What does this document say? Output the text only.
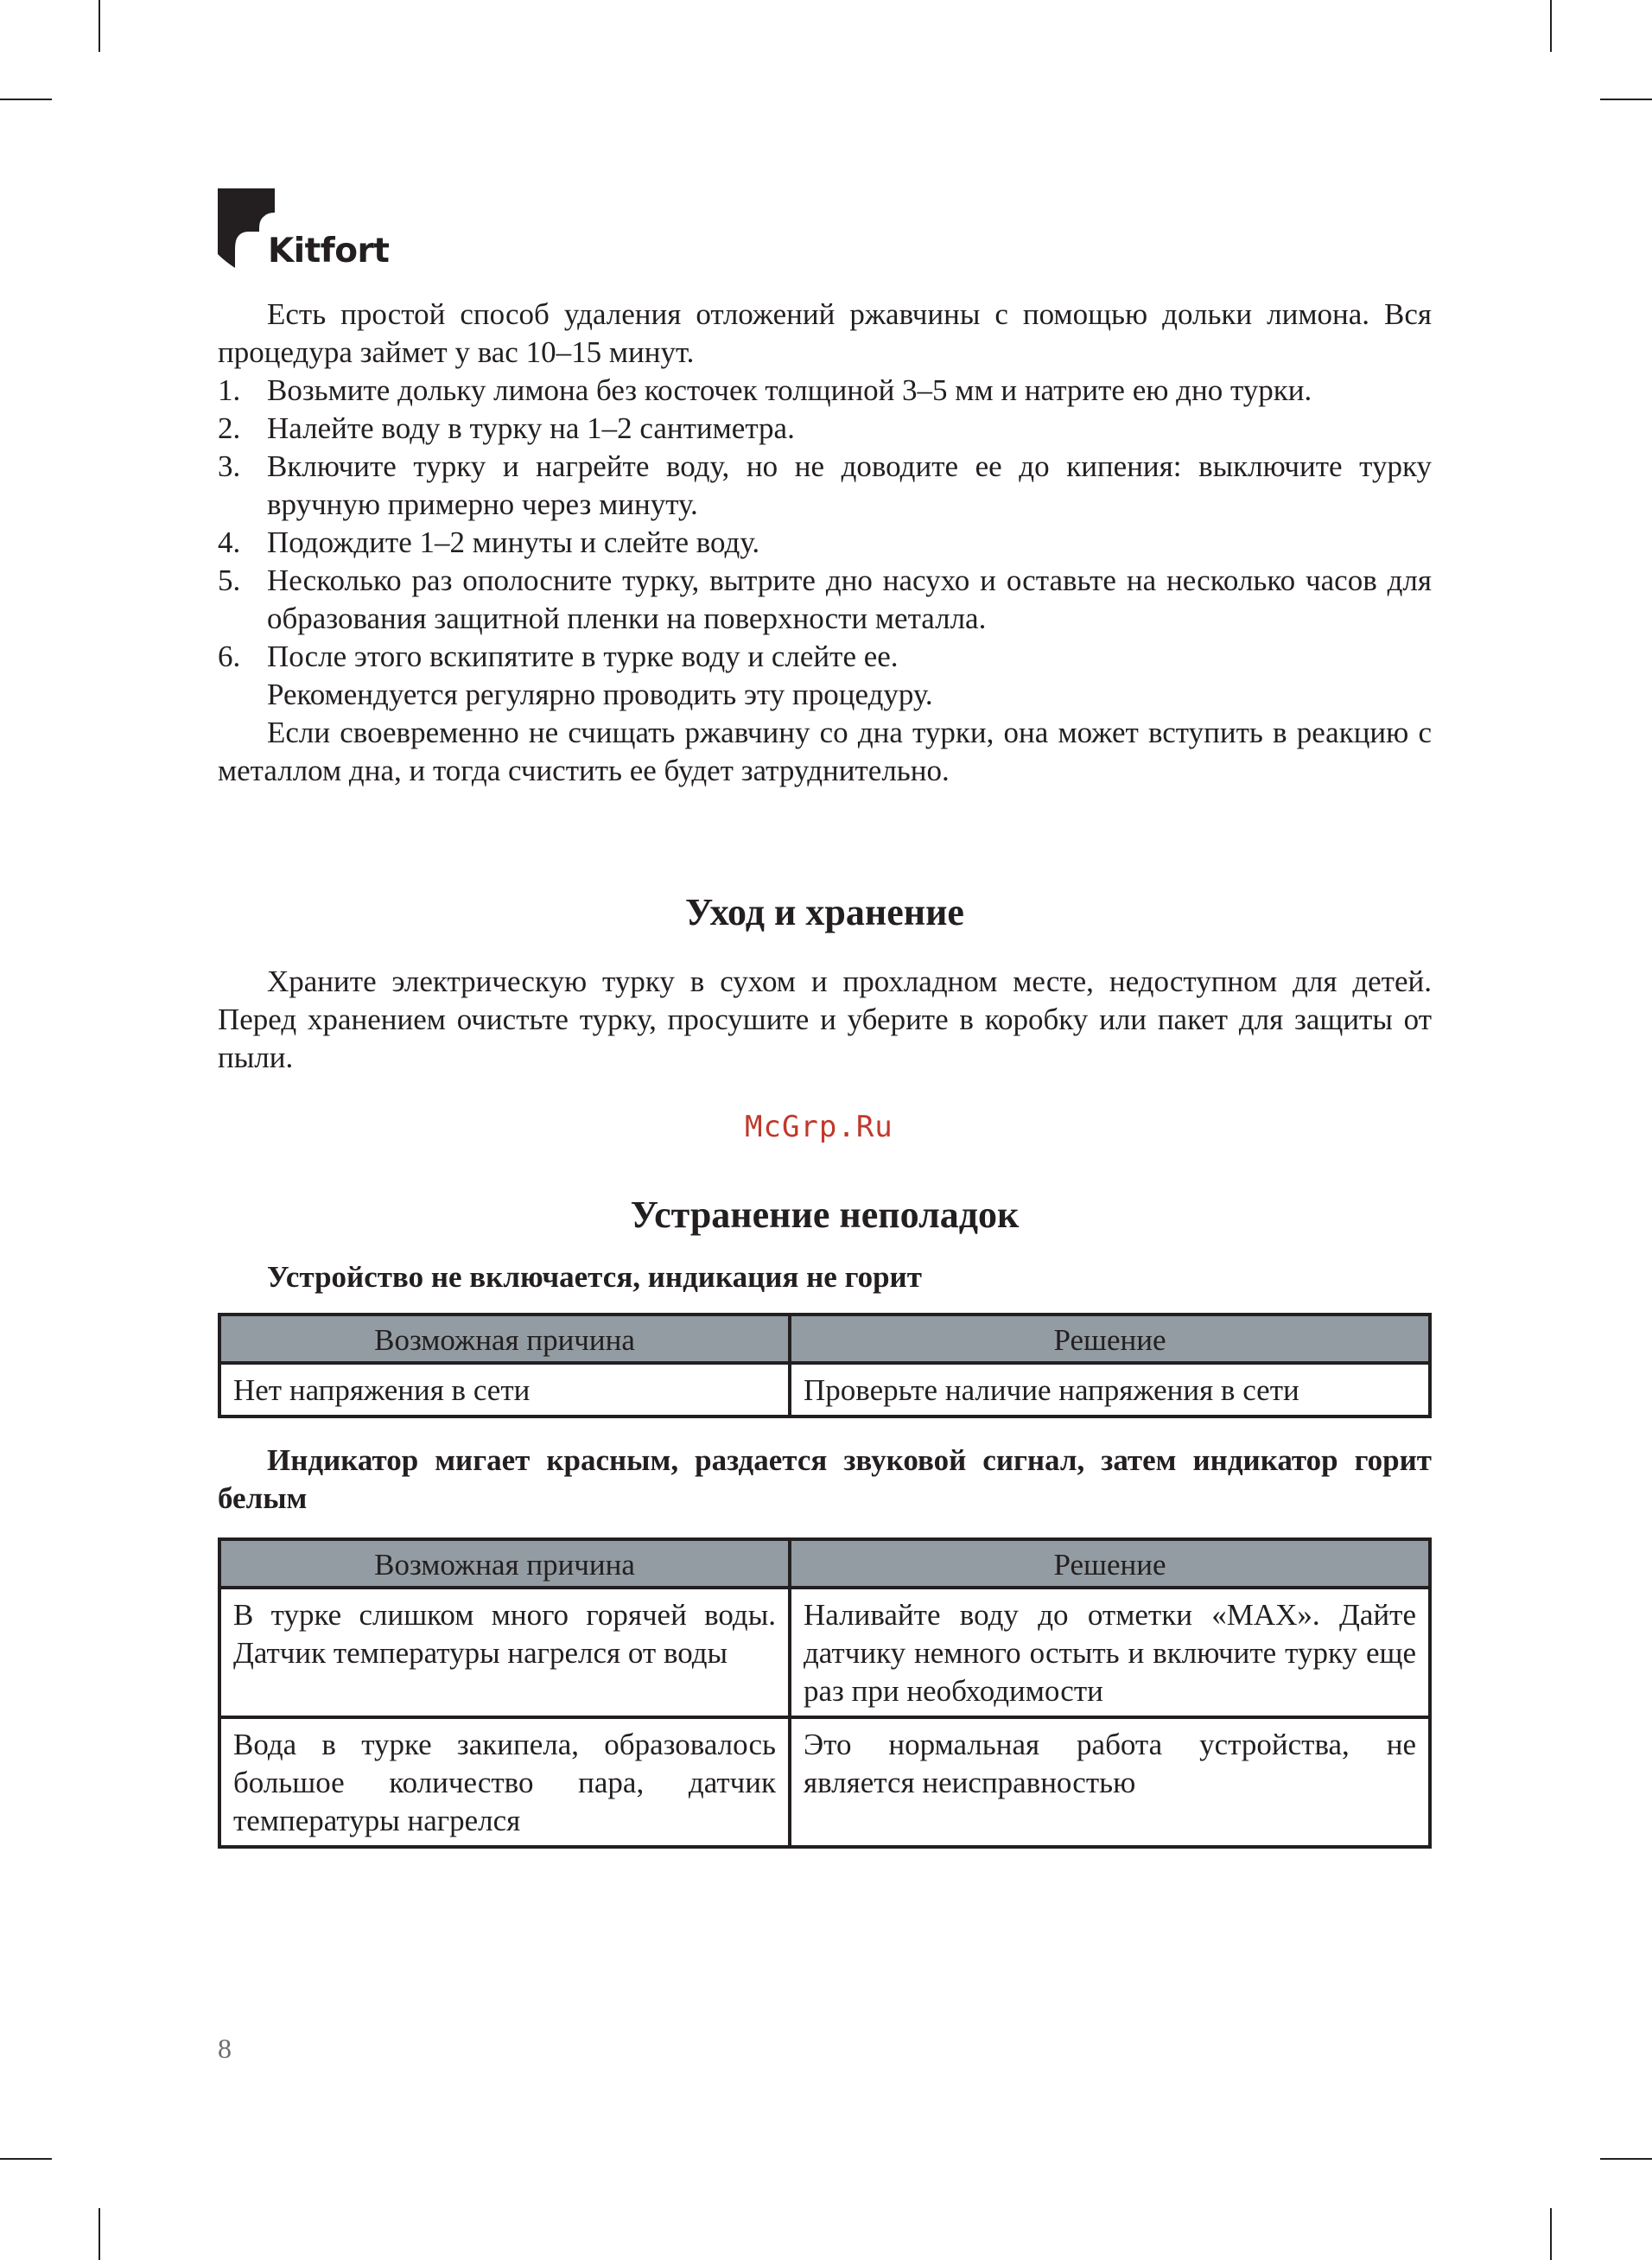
Kitfort

Есть простой способ удаления отложений ржавчины с помощью дольки лимона. Вся процедура займет у вас 10–15 минут.

1. Возьмите дольку лимона без косточек толщиной 3–5 мм и натрите ею дно турки.
2. Налейте воду в турку на 1–2 сантиметра.
3. Включите турку и нагрейте воду, но не доводите ее до кипения: выключите турку вручную примерно через минуту.
4. Подождите 1–2 минуты и слейте воду.
5. Несколько раз ополосните турку, вытрите дно насухо и оставьте на несколько часов для образования защитной пленки на поверхности металла.
6. После этого вскипятите в турке воду и слейте ее.

Рекомендуется регулярно проводить эту процедуру.

Если своевременно не счищать ржавчину со дна турки, она может вступить в реакцию с металлом дна, и тогда счистить ее будет затруднительно.

Уход и хранение

Храните электрическую турку в сухом и прохладном месте, недоступном для детей. Перед хранением очистьте турку, просушите и уберите в коробку или пакет для защиты от пыли.

Устранение неполадок
Устройство не включается, индикация не горит
Возможная причина	Решение
Нет напряжения в сети	Проверьте наличие напряжения в сети
Индикатор мигает красным, раздается звуковой сигнал, затем индикатор горит белым
Возможная причина	Решение
В турке слишком много горячей воды. Датчик температуры нагрелся от воды	Наливайте воду до отметки «MAX». Дайте датчику немного остыть и включите турку еще раз при необходимости
Вода в турке закипела, образовалось большое количество пара, датчик температуры нагрелся	Это нормальная работа устройства, не является неисправностью
McGrp.Ru
8
